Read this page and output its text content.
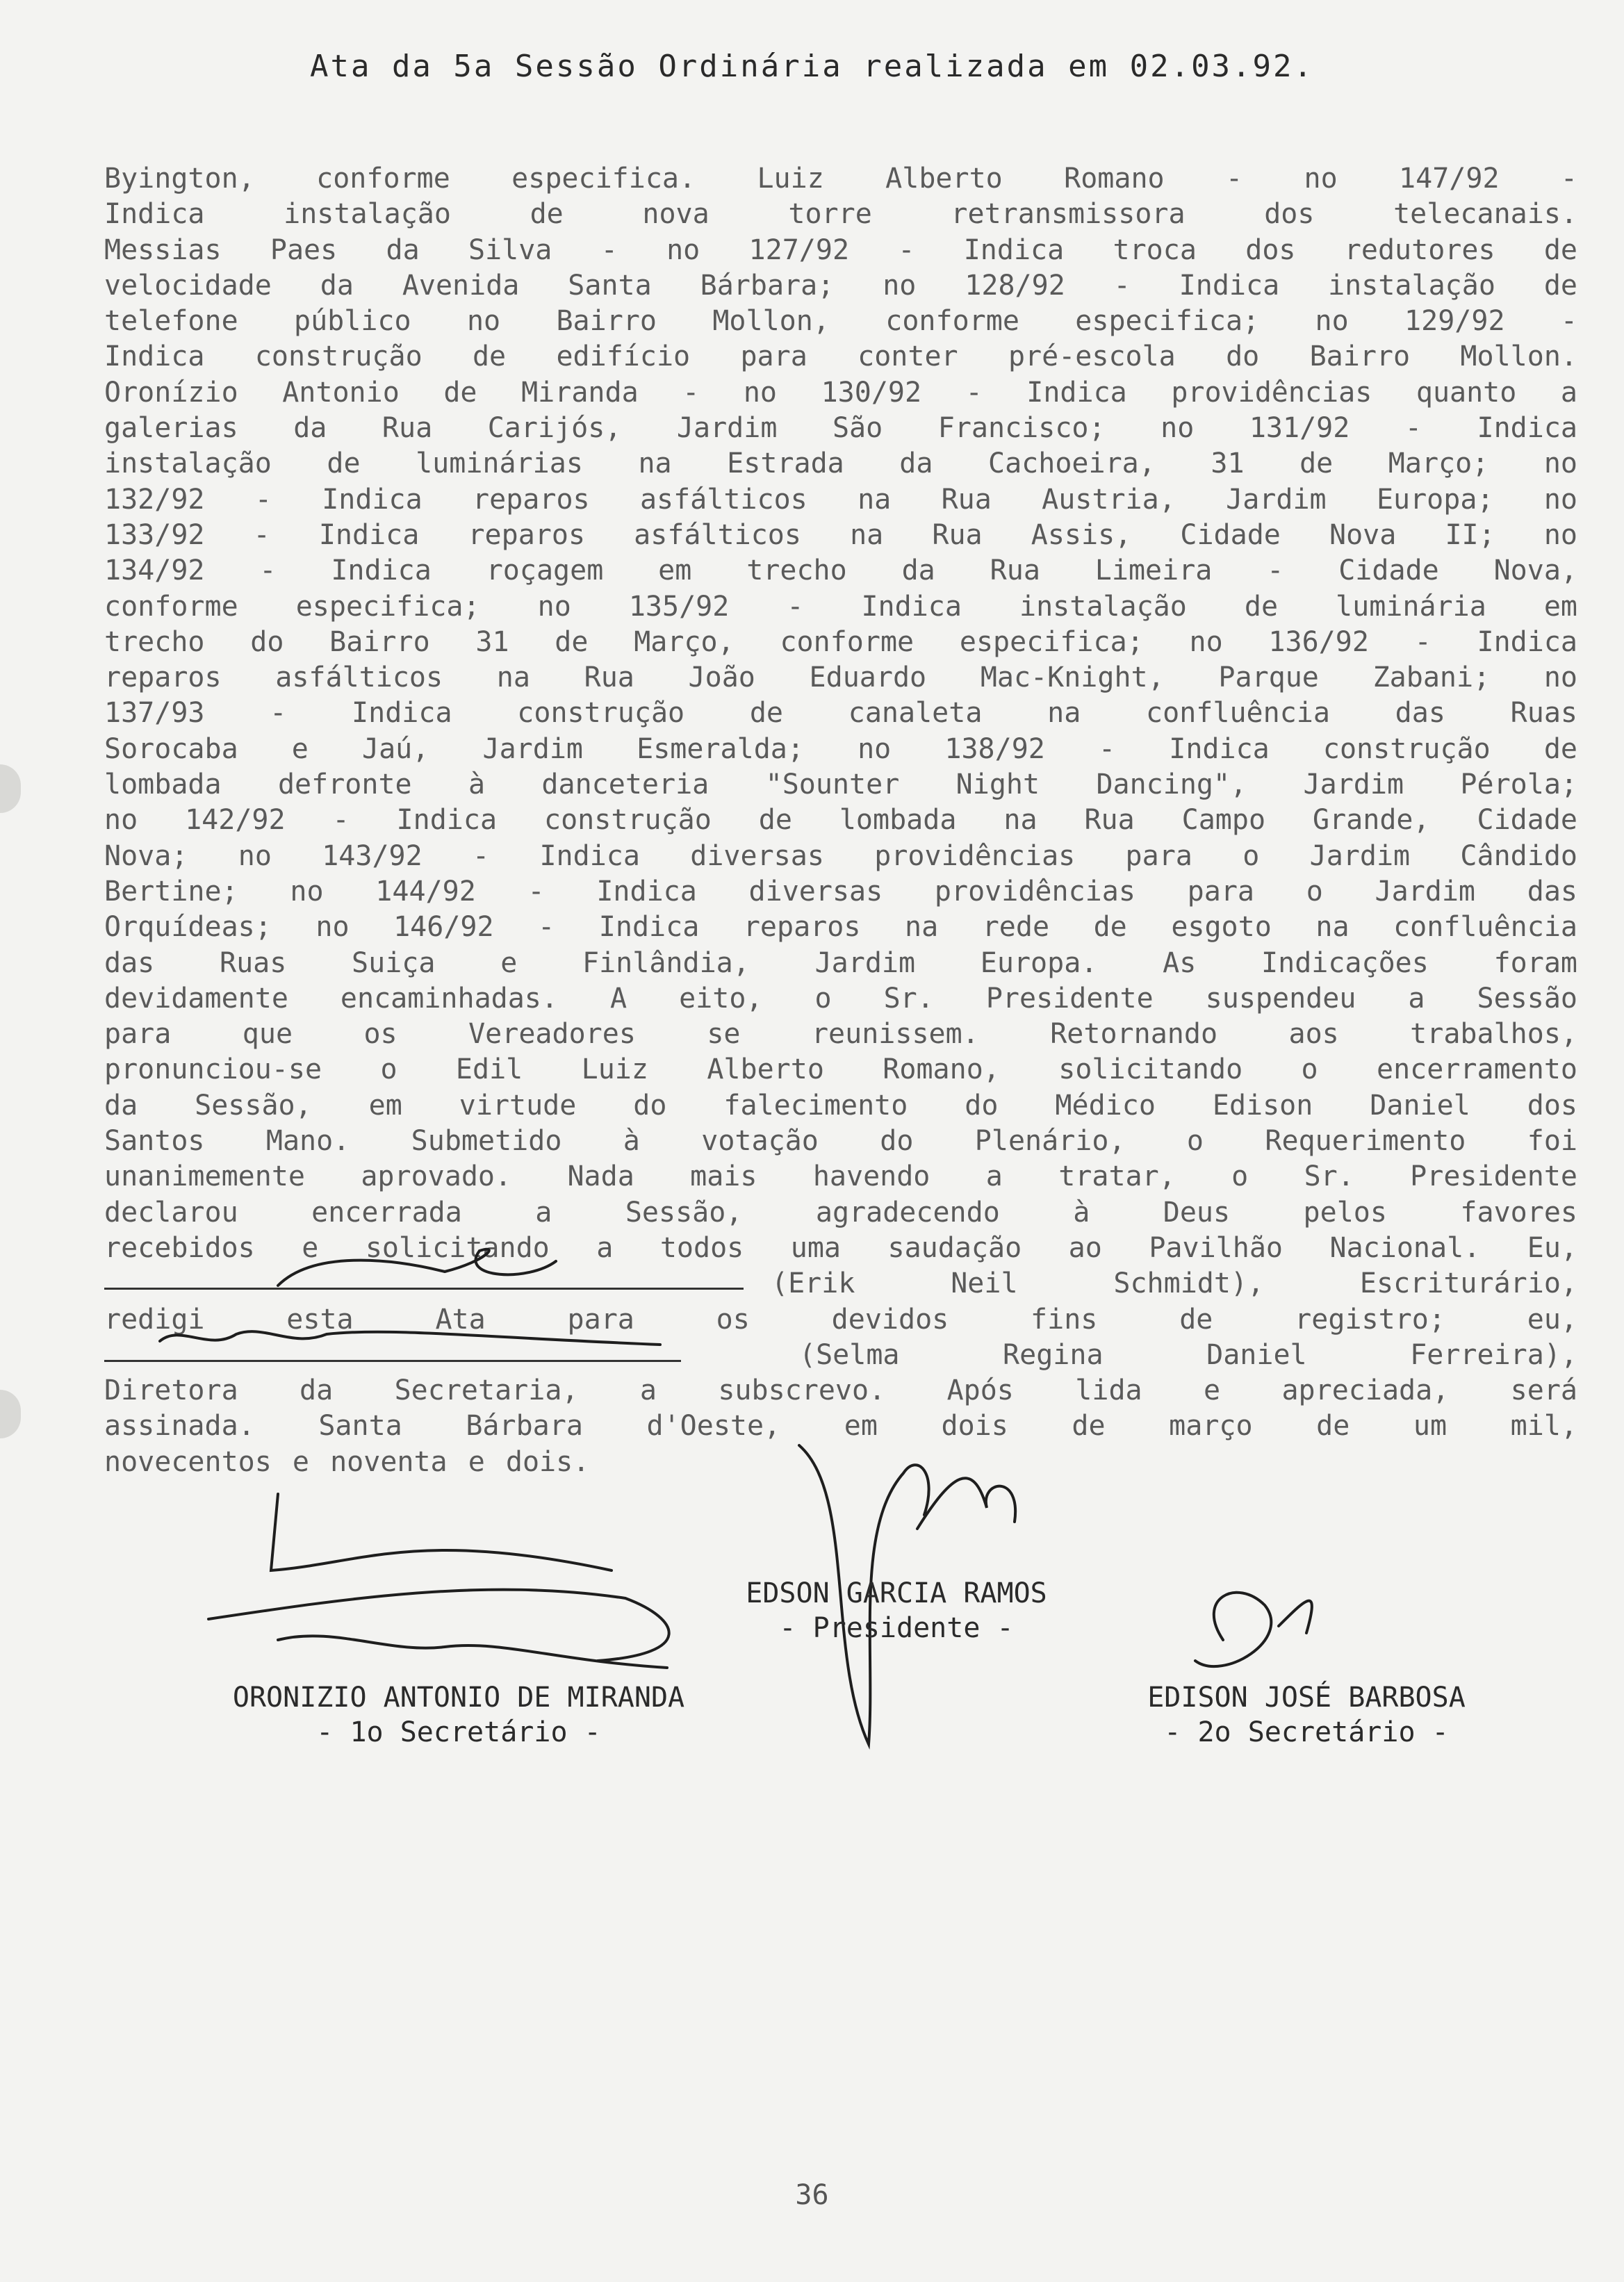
Ata da 5a Sessão Ordinária realizada em 02.03.92.
Byington, conforme especifica. Luiz Alberto Romano - no 147/92 -
Indica instalação de nova torre retransmissora dos telecanais.
Messias Paes da Silva - no 127/92 - Indica troca dos redutores de
velocidade da Avenida Santa Bárbara; no 128/92 - Indica instalação de
telefone público no Bairro Mollon, conforme especifica; no 129/92 -
Indica construção de edifício para conter pré-escola do Bairro Mollon.
Oronízio Antonio de Miranda - no 130/92 - Indica providências quanto a
galerias da Rua Carijós, Jardim São Francisco; no 131/92 - Indica
instalação de luminárias na Estrada da Cachoeira, 31 de Março; no
132/92 - Indica reparos asfálticos na Rua Austria, Jardim Europa; no
133/92 - Indica reparos asfálticos na Rua Assis, Cidade Nova II; no
134/92 - Indica roçagem em trecho da Rua Limeira - Cidade Nova,
conforme especifica; no 135/92 - Indica instalação de luminária em
trecho do Bairro 31 de Março, conforme especifica; no 136/92 - Indica
reparos asfálticos na Rua João Eduardo Mac-Knight, Parque Zabani; no
137/93 - Indica construção de canaleta na confluência das Ruas
Sorocaba e Jaú, Jardim Esmeralda; no 138/92 - Indica construção de
lombada defronte à danceteria "Sounter Night Dancing", Jardim Pérola;
no 142/92 - Indica construção de lombada na Rua Campo Grande, Cidade
Nova; no 143/92 - Indica diversas providências para o Jardim Cândido
Bertine; no 144/92 - Indica diversas providências para o Jardim das
Orquídeas; no 146/92 - Indica reparos na rede de esgoto na confluência
das Ruas Suiça e Finlândia, Jardim Europa. As Indicações foram
devidamente encaminhadas. A eito, o Sr. Presidente suspendeu a Sessão
para que os Vereadores se reunissem. Retornando aos trabalhos,
pronunciou-se o Edil Luiz Alberto Romano, solicitando o encerramento
da Sessão, em virtude do falecimento do Médico Edison Daniel dos
Santos Mano. Submetido à votação do Plenário, o Requerimento foi
unanimemente aprovado. Nada mais havendo a tratar, o Sr. Presidente
declarou encerrada a Sessão, agradecendo à Deus pelos favores
recebidos e solicitando a todos uma saudação ao Pavilhão Nacional. Eu,
(Erik Neil Schmidt), Escriturário,
redigi esta Ata para os devidos fins de registro; eu,
(Selma Regina Daniel Ferreira),
Diretora da Secretaria, a subscrevo. Após lida e apreciada, será
assinada. Santa Bárbara d'Oeste, em dois de março de um mil,
novecentos e noventa e dois.
EDSON GARCIA RAMOS
- Presidente -
ORONIZIO ANTONIO DE MIRANDA
- 1o Secretário -
EDISON JOSÉ BARBOSA
- 2o Secretário -
36
